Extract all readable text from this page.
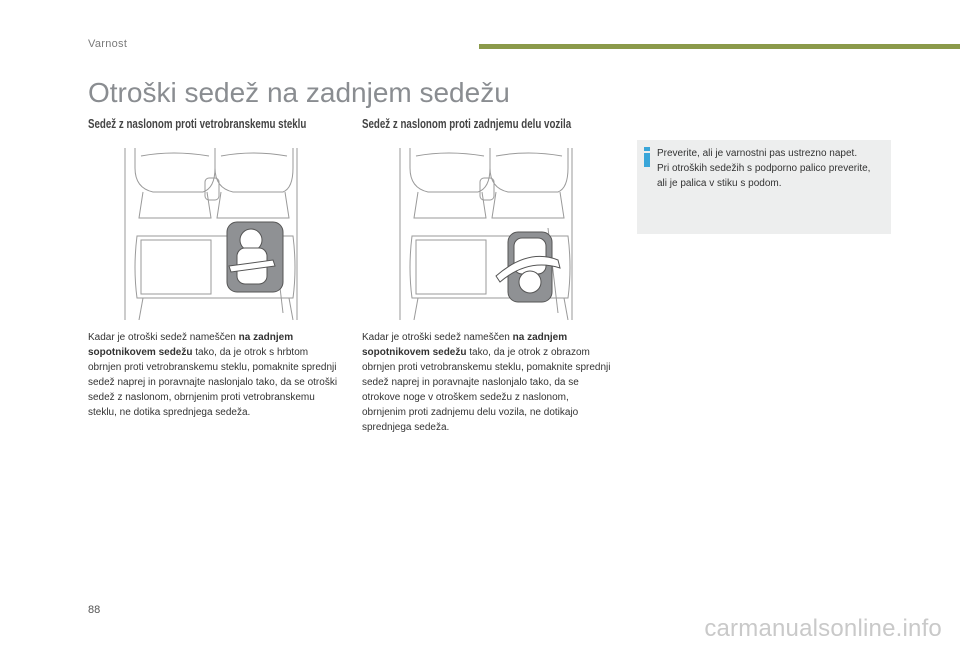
Varnost
Otroški sedež na zadnjem sedežu
Sedež z naslonom proti vetrobranskemu steklu	Sedež z naslonom proti zadnjemu delu vozila

Kadar je otroški sedež nameščen na zadnjem sopotnikovem sedežu tako, da je otrok s hrbtom obrnjen proti vetrobranskemu steklu, pomaknite sprednji sedež naprej in poravnajte naslonjalo tako, da se otroški sedež z naslonom, obrnjenim proti vetrobranskemu steklu, ne dotika sprednjega sedeža.

Kadar je otroški sedež nameščen na zadnjem sopotnikovem sedežu tako, da je otrok z obrazom obrnjen proti vetrobranskemu steklu, pomaknite sprednji sedež naprej in poravnajte naslonjalo tako, da se otrokove noge v otroškem sedežu z naslonom, obrnjenim proti zadnjemu delu vozila, ne dotikajo sprednjega sedeža.

Preverite, ali je varnostni pas ustrezno napet. Pri otroških sedežih s podporno palico preverite, ali je palica v stiku s podom.

88
carmanualsonline.info
